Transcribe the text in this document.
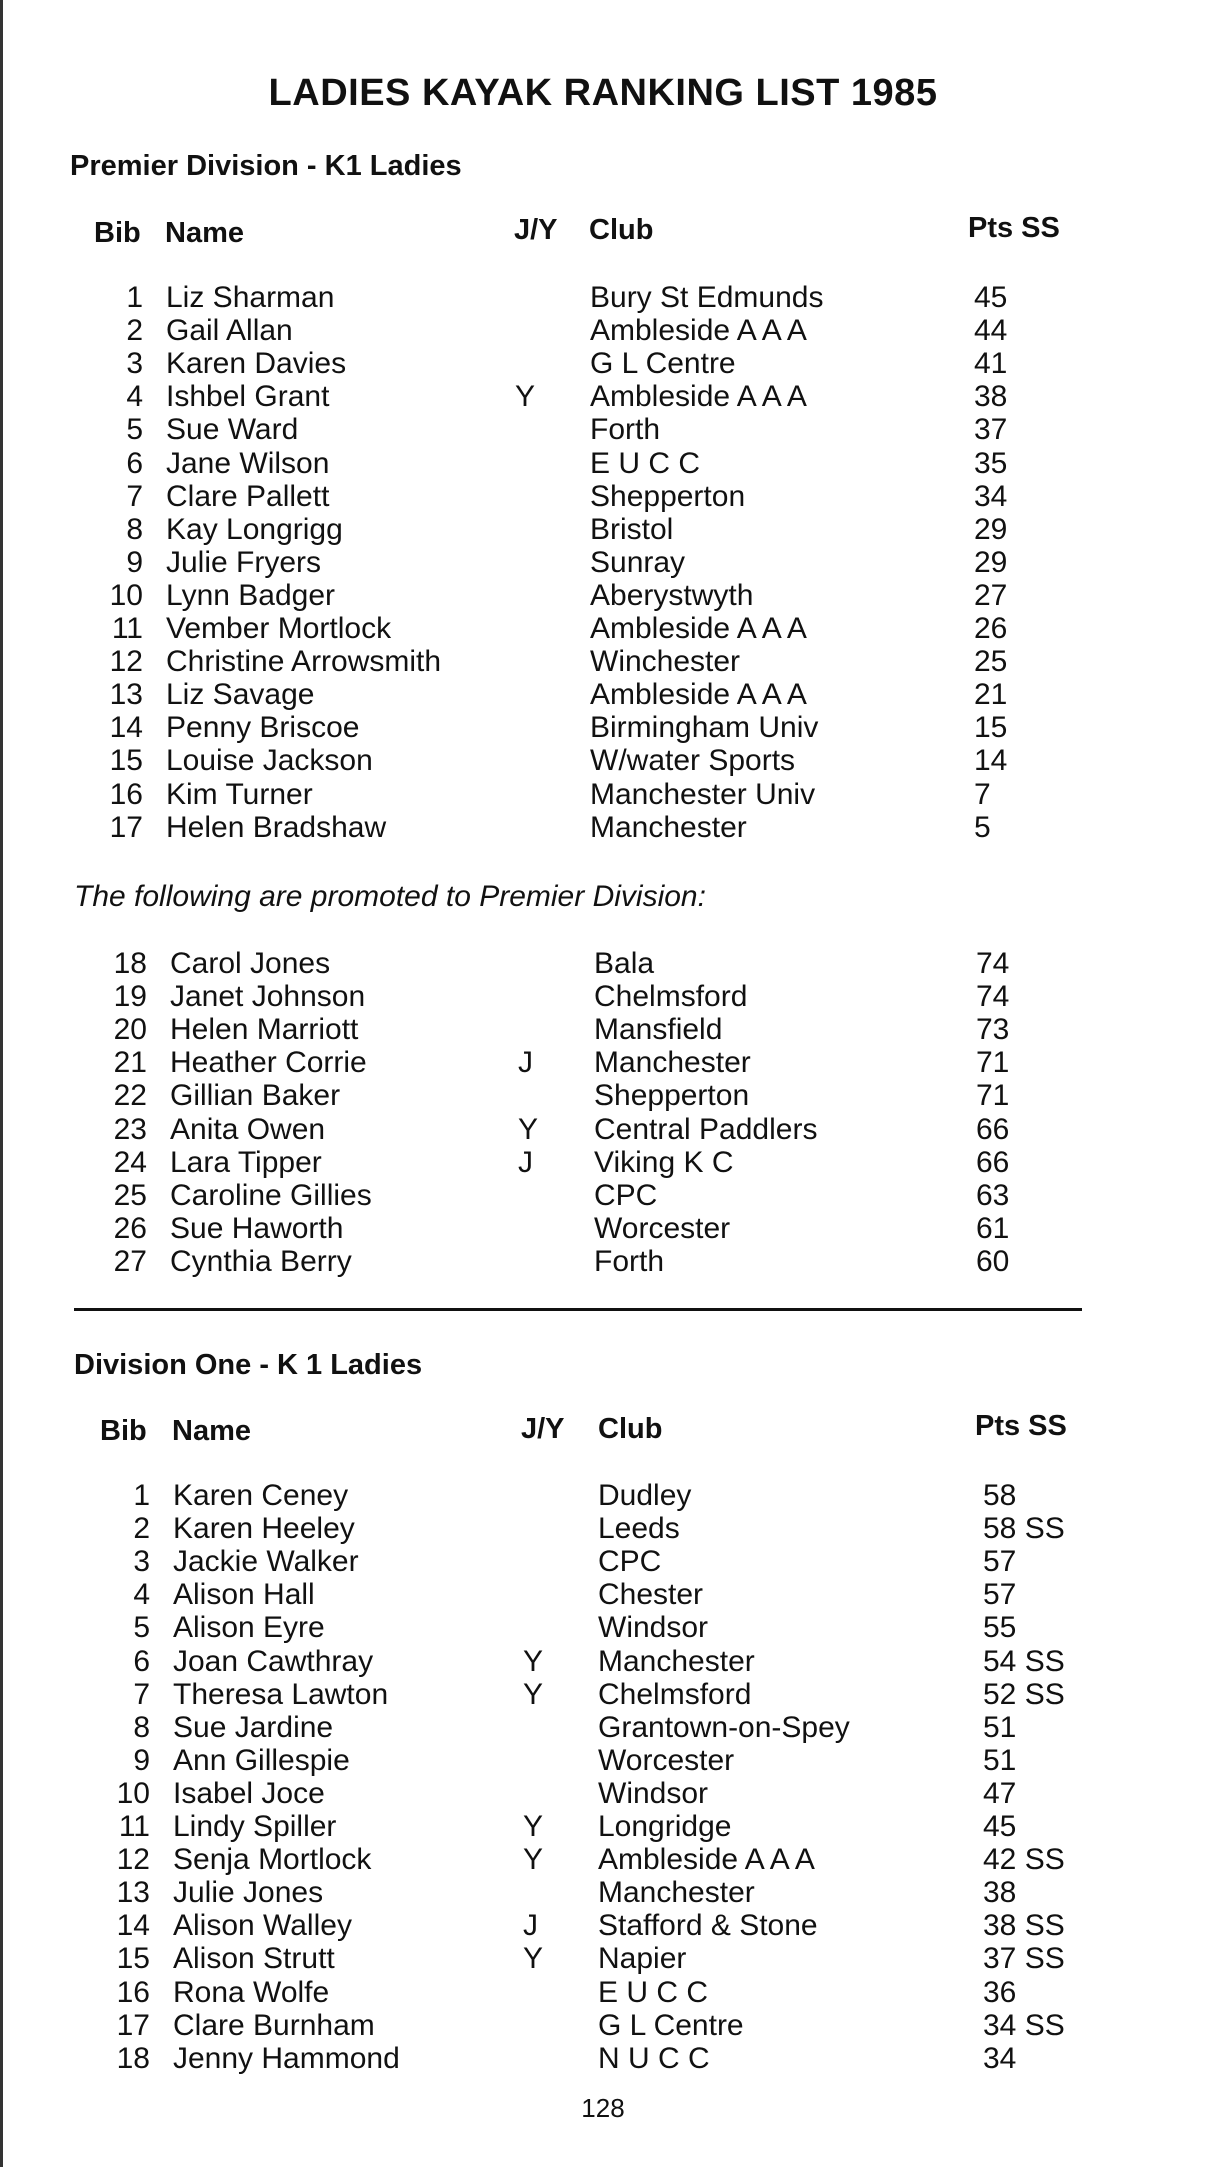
LADIES KAYAK RANKING LIST 1985
Premier Division - K1 Ladies
Bib Name	J/Y Club	Pts SS
1 Liz Sharman	Bury St Edmunds	45
2 Gail Allan	Ambleside A A A	44
3 Karen Davies	G L Centre	41
4 Ishbel Grant	Y Ambleside A A A	38
5 Sue Ward	Forth	37
6 Jane Wilson	E U C C	35
7 Clare Pallett	Shepperton	34
8 Kay Longrigg	Bristol	29
9 Julie Fryers	Sunray	29
10 Lynn Badger	Aberystwyth	27
11 Vember Mortlock	Ambleside A A A	26
12 Christine Arrowsmith	Winchester	25
13 Liz Savage	Ambleside A A A	21
14 Penny Briscoe	Birmingham Univ	15
15 Louise Jackson	W/water Sports	14
16 Kim Turner	Manchester Univ	7
17 Helen Bradshaw	Manchester	5
The following are promoted to Premier Division:
18 Carol Jones	Bala	74
19 Janet Johnson	Chelmsford	74
20 Helen Marriott	Mansfield	73
21 Heather Corrie	J Manchester	71
22 Gillian Baker	Shepperton	71
23 Anita Owen	Y Central Paddlers	66
24 Lara Tipper	J Viking K C	66
25 Caroline Gillies	CPC	63
26 Sue Haworth	Worcester	61
27 Cynthia Berry	Forth	60
Division One - K 1 Ladies
Bib Name	J/Y Club	Pts SS
1 Karen Ceney	Dudley	58
2 Karen Heeley	Leeds	58 SS
3 Jackie Walker	CPC	57
4 Alison Hall	Chester	57
5 Alison Eyre	Windsor	55
6 Joan Cawthray	Y Manchester	54 SS
7 Theresa Lawton	Y Chelmsford	52 SS
8 Sue Jardine	Grantown-on-Spey	51
9 Ann Gillespie	Worcester	51
10 Isabel Joce	Windsor	47
11 Lindy Spiller	Y Longridge	45
12 Senja Mortlock	Y Ambleside A A A	42 SS
13 Julie Jones	Manchester	38
14 Alison Walley	J Stafford & Stone	38 SS
15 Alison Strutt	Y Napier	37 SS
16 Rona Wolfe	E U C C	36
17 Clare Burnham	G L Centre	34 SS
18 Jenny Hammond	N U C C	34
128
